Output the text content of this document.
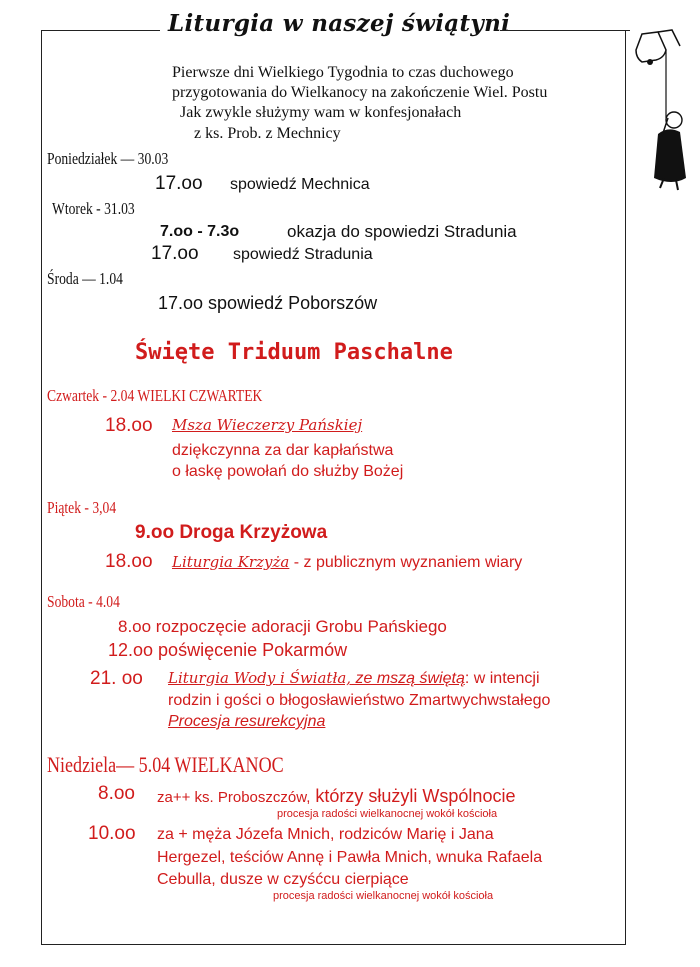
Liturgia w naszej świątyni
Pierwsze dni Wielkiego Tygodnia to czas duchowego
przygotowania do Wielkanocy na zakończenie Wiel. Postu
Jak zwykle służymy wam w konfesjonałach
z ks. Prob. z Mechnicy
Poniedziałek — 30.03
17.oo spowiedź Mechnica
Wtorek - 31.03
7.oo - 7.3o	okazja do spowiedzi Stradunia
17.oo spowiedź Stradunia
Środa — 1.04
17.oo spowiedź Poborszów
Święte Triduum Paschalne
Czwartek - 2.04 WIELKI CZWARTEK
18.oo Msza Wieczerzy Pańskiej
dziękczynna za dar kapłaństwa
o łaskę powołań do służby Bożej
Piątek - 3,04
9.oo Droga Krzyżowa
18.oo Liturgia Krzyża - z publicznym wyznaniem wiary
Sobota - 4.04
8.oo rozpoczęcie adoracji Grobu Pańskiego
12.oo poświęcenie Pokarmów
21. oo Liturgia Wody i Światła, ze mszą świętą: w intencji
rodzin i gości o błogosławieństwo Zmartwychwstałego
Procesja resurekcyjna
Niedziela— 5.04 WIELKANOC
8.oo za++ ks. Proboszczów, którzy służyli Wspólnocie
procesja radości wielkanocnej wokół kościoła
10.oo za + męża Józefa Mnich, rodziców Marię i Jana
Hergezel, teściów Annę i Pawła Mnich, wnuka Rafaela
Cebulla, dusze w czyśćcu cierpiące
procesja radości wielkanocnej wokół kościoła
